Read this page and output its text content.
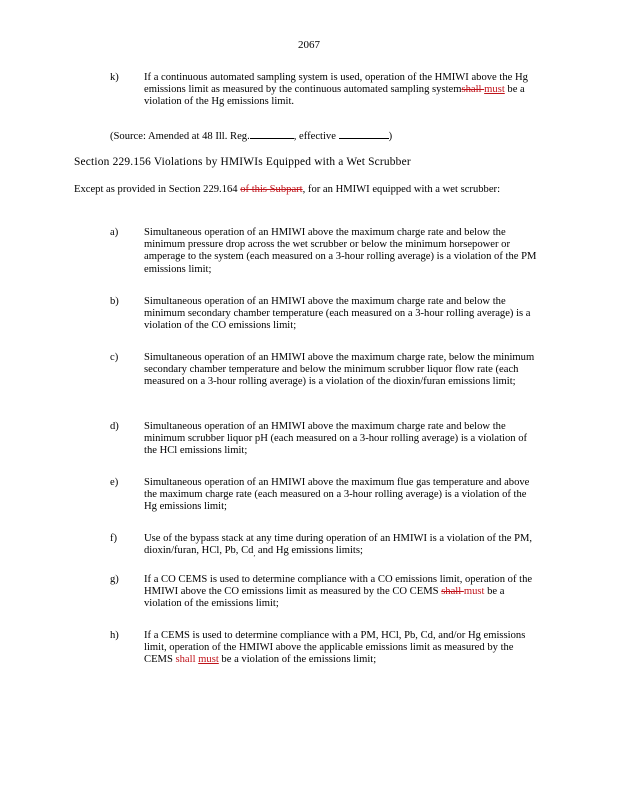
2067
k) If a continuous automated sampling system is used, operation of the HMIWI above the Hg emissions limit as measured by the continuous automated sampling systemshall must be a violation of the Hg emissions limit.
(Source: Amended at 48 Ill. Reg.	, effective	)
Section 229.156 Violations by HMIWIs Equipped with a Wet Scrubber
Except as provided in Section 229.164 of this Subpart, for an HMIWI equipped with a wet scrubber:
a) Simultaneous operation of an HMIWI above the maximum charge rate and below the minimum pressure drop across the wet scrubber or below the minimum horsepower or amperage to the system (each measured on a 3-hour rolling average) is a violation of the PM emissions limit;
b) Simultaneous operation of an HMIWI above the maximum charge rate and below the minimum secondary chamber temperature (each measured on a 3-hour rolling average) is a violation of the CO emissions limit;
c) Simultaneous operation of an HMIWI above the maximum charge rate, below the minimum secondary chamber temperature and below the minimum scrubber liquor flow rate (each measured on a 3-hour rolling average) is a violation of the dioxin/furan emissions limit;
d) Simultaneous operation of an HMIWI above the maximum charge rate and below the minimum scrubber liquor pH (each measured on a 3-hour rolling average) is a violation of the HCl emissions limit;
e) Simultaneous operation of an HMIWI above the maximum flue gas temperature and above the maximum charge rate (each measured on a 3-hour rolling average) is a violation of the Hg emissions limit;
f)	Use of the bypass stack at any time during operation of an HMIWI is a violation of the PM, dioxin/furan, HCl, Pb, $Cd_,$ and Hg emissions limits;
g) If a CO CEMS is used to determine compliance with a CO emissions limit, operation of the HMIWI above the CO emissions limit as measured by the CO CEMS shall must be a violation of the emissions limit;
h) If a CEMS is used to determine compliance with a PM, HCl, Pb, Cd, and/or Hg emissions limit, operation of the HMIWI above the applicable emissions limit as measured by the CEMS shall must be a violation of the emissions limit;
